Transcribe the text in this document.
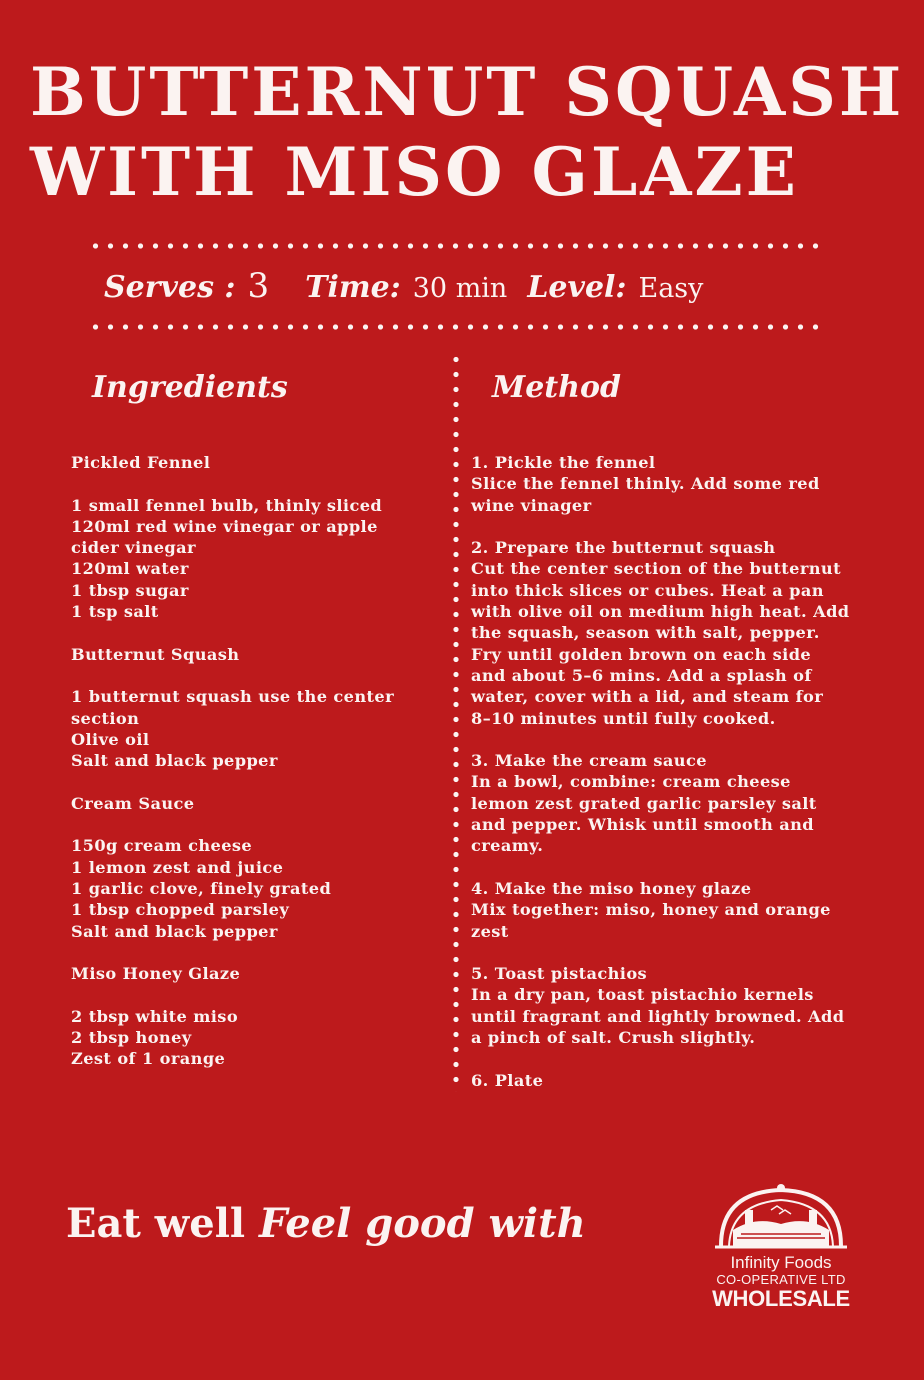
BUTTERNUT SQUASH
WITH MISO GLAZE
Serves : 3 Time: 30 min Level: Easy
Ingredients	Method
Pickled Fennel
1 small fennel bulb, thinly sliced
120ml red wine vinegar or apple
cider vinegar
120ml water
1 tbsp sugar
1 tsp salt
Butternut Squash
1 butternut squash use the center
section
Olive oil
Salt and black pepper
Cream Sauce
150g cream cheese
1 lemon zest and juice
1 garlic clove, finely grated
1 tbsp chopped parsley
Salt and black pepper
Miso Honey Glaze
2 tbsp white miso
2 tbsp honey
Zest of 1 orange
1. Pickle the fennel
Slice the fennel thinly. Add some red
wine vinager
2. Prepare the butternut squash
Cut the center section of the butternut
into thick slices or cubes. Heat a pan
with olive oil on medium high heat. Add
the squash, season with salt, pepper.
Fry until golden brown on each side
and about 5–6 mins. Add a splash of
water, cover with a lid, and steam for
8–10 minutes until fully cooked.
3. Make the cream sauce
In a bowl, combine: cream cheese
lemon zest grated garlic parsley salt
and pepper. Whisk until smooth and
creamy.
4. Make the miso honey glaze
Mix together: miso, honey and orange
zest
5. Toast pistachios
In a dry pan, toast pistachio kernels
until fragrant and lightly browned. Add
a pinch of salt. Crush slightly.
6. Plate
Eat well Feel good with
Infinity Foods
CO-OPERATIVE LTD
WHOLESALE
